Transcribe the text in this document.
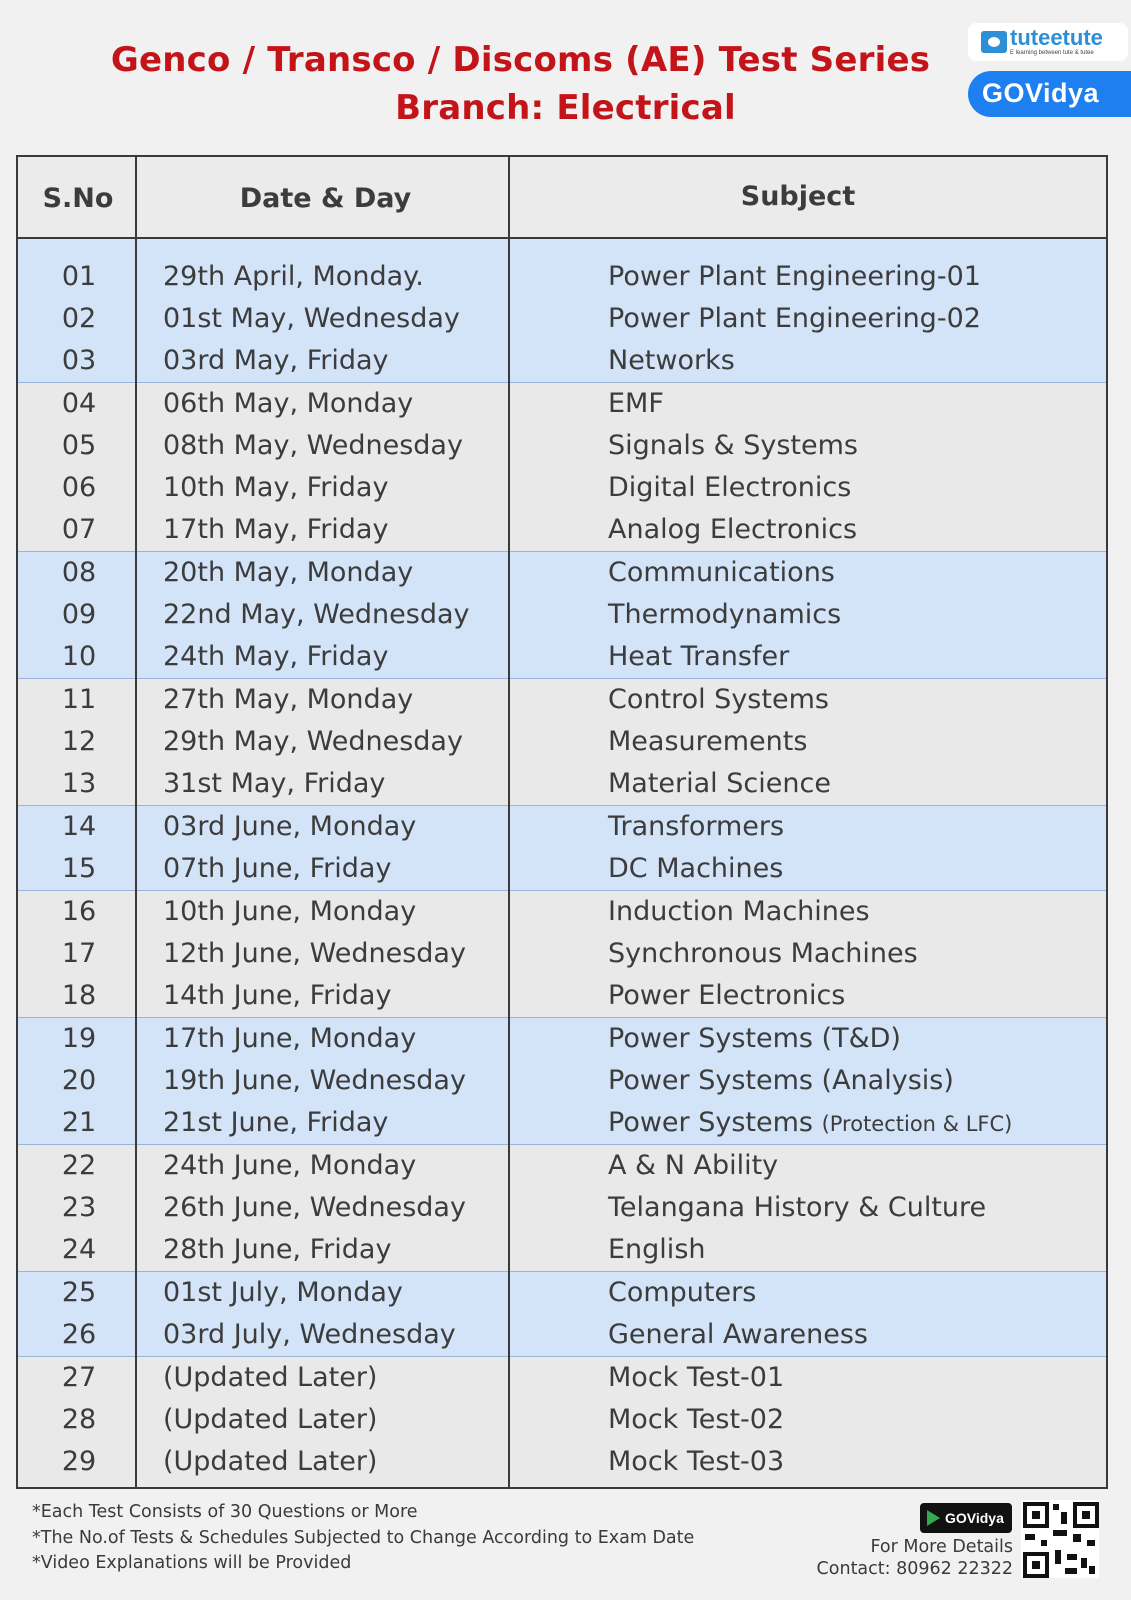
Genco / Transco / Discoms (AE) Test Series
Branch: Electrical
tuteetute
E learning between tute & tutee
GOVidya
S.No	Date & Day	Subject
01	29th April, Monday.	Power Plant Engineering-01
02	01st May, Wednesday	Power Plant Engineering-02
03	03rd May, Friday	Networks
04	06th May, Monday	EMF
05	08th May, Wednesday	Signals & Systems
06	10th May, Friday	Digital Electronics
07	17th May, Friday	Analog Electronics
08	20th May, Monday	Communications
09	22nd May, Wednesday	Thermodynamics
10	24th May, Friday	Heat Transfer
11	27th May, Monday	Control Systems
12	29th May, Wednesday	Measurements
13	31st May, Friday	Material Science
14	03rd June, Monday	Transformers
15	07th June, Friday	DC Machines
16	10th June, Monday	Induction Machines
17	12th June, Wednesday	Synchronous Machines
18	14th June, Friday	Power Electronics
19	17th June, Monday	Power Systems (T&D)
20	19th June, Wednesday	Power Systems (Analysis)
21	21st June, Friday	Power Systems (Protection & LFC)
22	24th June, Monday	A & N Ability
23	26th June, Wednesday	Telangana History & Culture
24	28th June, Friday	English
25	01st July, Monday	Computers
26	03rd July, Wednesday	General Awareness
27	(Updated Later)	Mock Test-01
28	(Updated Later)	Mock Test-02
29	(Updated Later)	Mock Test-03
*Each Test Consists of 30 Questions or More
*The No.of Tests & Schedules Subjected to Change According to Exam Date
*Video Explanations will be Provided
GOVidya
For More Details
Contact: 80962 22322
